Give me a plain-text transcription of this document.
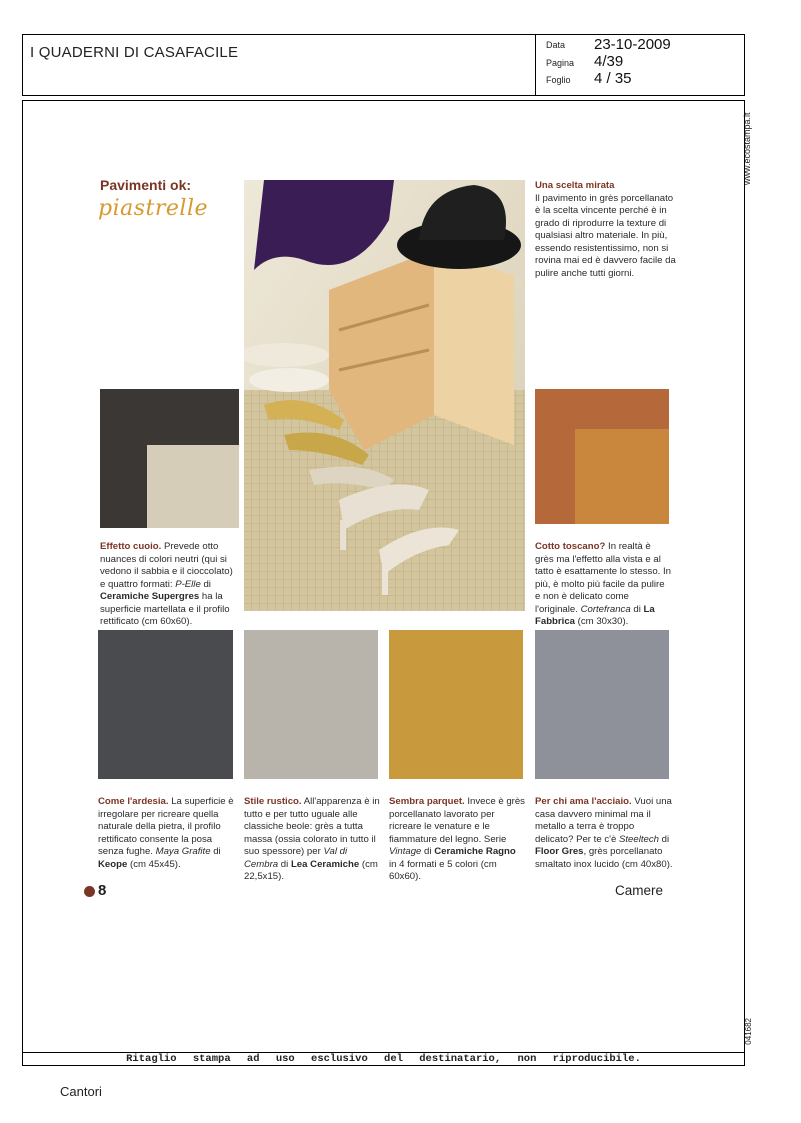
I QUADERNI DI CASAFACILE	Data 23-10-2009
Pagina 4/39
Foglio 4 / 35
www.ecostampa.it
041682
Ritaglio stampa ad uso esclusivo del destinatario, non riproducibile.
Cantori
Pavimenti ok:
piastrelle
Una scelta mirata
Il pavimento in grès porcellanato è la scelta vincente perché è in grado di riprodurre la texture di qualsiasi altro materiale. In più, essendo resistentissimo, non si rovina mai ed è davvero facile da pulire anche tutti giorni.
Effetto cuoio. Prevede otto nuances di colori neutri (qui si vedono il sabbia e il cioccolato) e quattro formati: P-Elle di Ceramiche Supergres ha la superficie martellata e il profilo rettificato (cm 60x60).
Cotto toscano? In realtà è grès ma l'effetto alla vista e al tatto è esattamente lo stesso. In più, è molto più facile da pulire e non è delicato come l'originale. Cortefranca di La Fabbrica (cm 30x30).
Come l'ardesia. La superficie è irregolare per ricreare quella naturale della pietra, il profilo rettificato consente la posa senza fughe. Maya Grafite di Keope (cm 45x45).
Stile rustico. All'apparenza è in tutto e per tutto uguale alle classiche beole: grès a tutta massa (ossia colorato in tutto il suo spessore) per Val di Cembra di Lea Ceramiche (cm 22,5x15).
Sembra parquet. Invece è grès porcellanato lavorato per ricreare le venature e le fiammature del legno. Serie Vintage di Ceramiche Ragno in 4 formati e 5 colori (cm 60x60).
Per chi ama l'acciaio. Vuoi una casa davvero minimal ma il metallo a terra è troppo delicato? Per te c'è Steeltech di Floor Gres, grès porcellanato smaltato inox lucido (cm 40x80).
8	Camere
